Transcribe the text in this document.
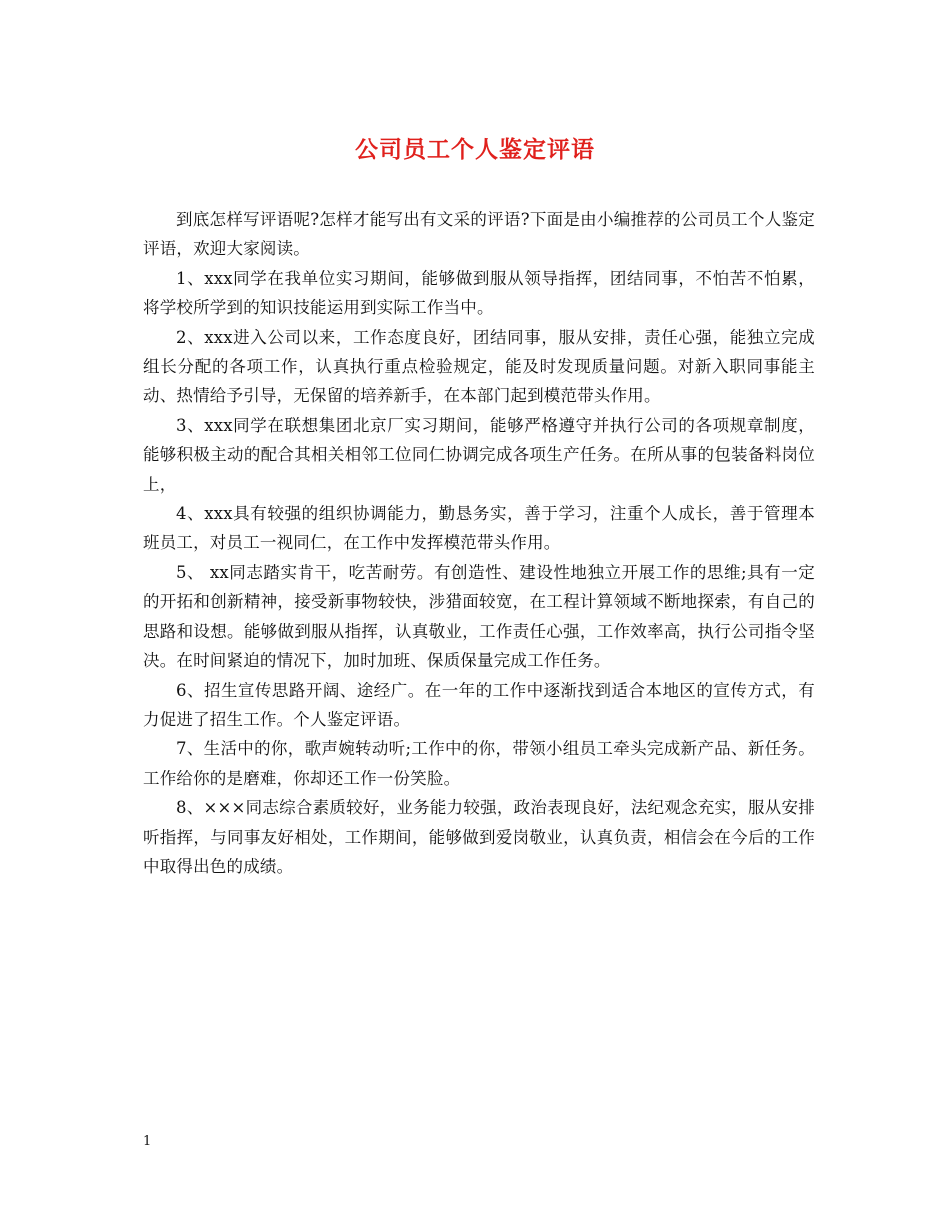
公司员工个人鉴定评语

到底怎样写评语呢?怎样才能写出有文采的评语?下面是由小编推荐的公司员工个人鉴定评语，欢迎大家阅读。

1、xxx同学在我单位实习期间，能够做到服从领导指挥，团结同事，不怕苦不怕累，将学校所学到的知识技能运用到实际工作当中。

2、xxx进入公司以来，工作态度良好，团结同事，服从安排，责任心强，能独立完成组长分配的各项工作，认真执行重点检验规定，能及时发现质量问题。对新入职同事能主动、热情给予引导，无保留的培养新手，在本部门起到模范带头作用。

3、xxx同学在联想集团北京厂实习期间，能够严格遵守并执行公司的各项规章制度，能够积极主动的配合其相关相邻工位同仁协调完成各项生产任务。在所从事的包装备料岗位上，

4、xxx具有较强的组织协调能力，勤恳务实，善于学习，注重个人成长，善于管理本班员工，对员工一视同仁，在工作中发挥模范带头作用。

5、 xx同志踏实肯干，吃苦耐劳。有创造性、建设性地独立开展工作的思维;具有一定的开拓和创新精神，接受新事物较快，涉猎面较宽，在工程计算领域不断地探索，有自己的思路和设想。能够做到服从指挥，认真敬业，工作责任心强，工作效率高，执行公司指令坚决。在时间紧迫的情况下，加时加班、保质保量完成工作任务。

6、招生宣传思路开阔、途经广。在一年的工作中逐渐找到适合本地区的宣传方式，有力促进了招生工作。个人鉴定评语。

7、生活中的你，歌声婉转动听;工作中的你，带领小组员工牵头完成新产品、新任务。工作给你的是磨难，你却还工作一份笑脸。

8、×××同志综合素质较好，业务能力较强，政治表现良好，法纪观念充实，服从安排听指挥，与同事友好相处，工作期间，能够做到爱岗敬业，认真负责，相信会在今后的工作中取得出色的成绩。

1
